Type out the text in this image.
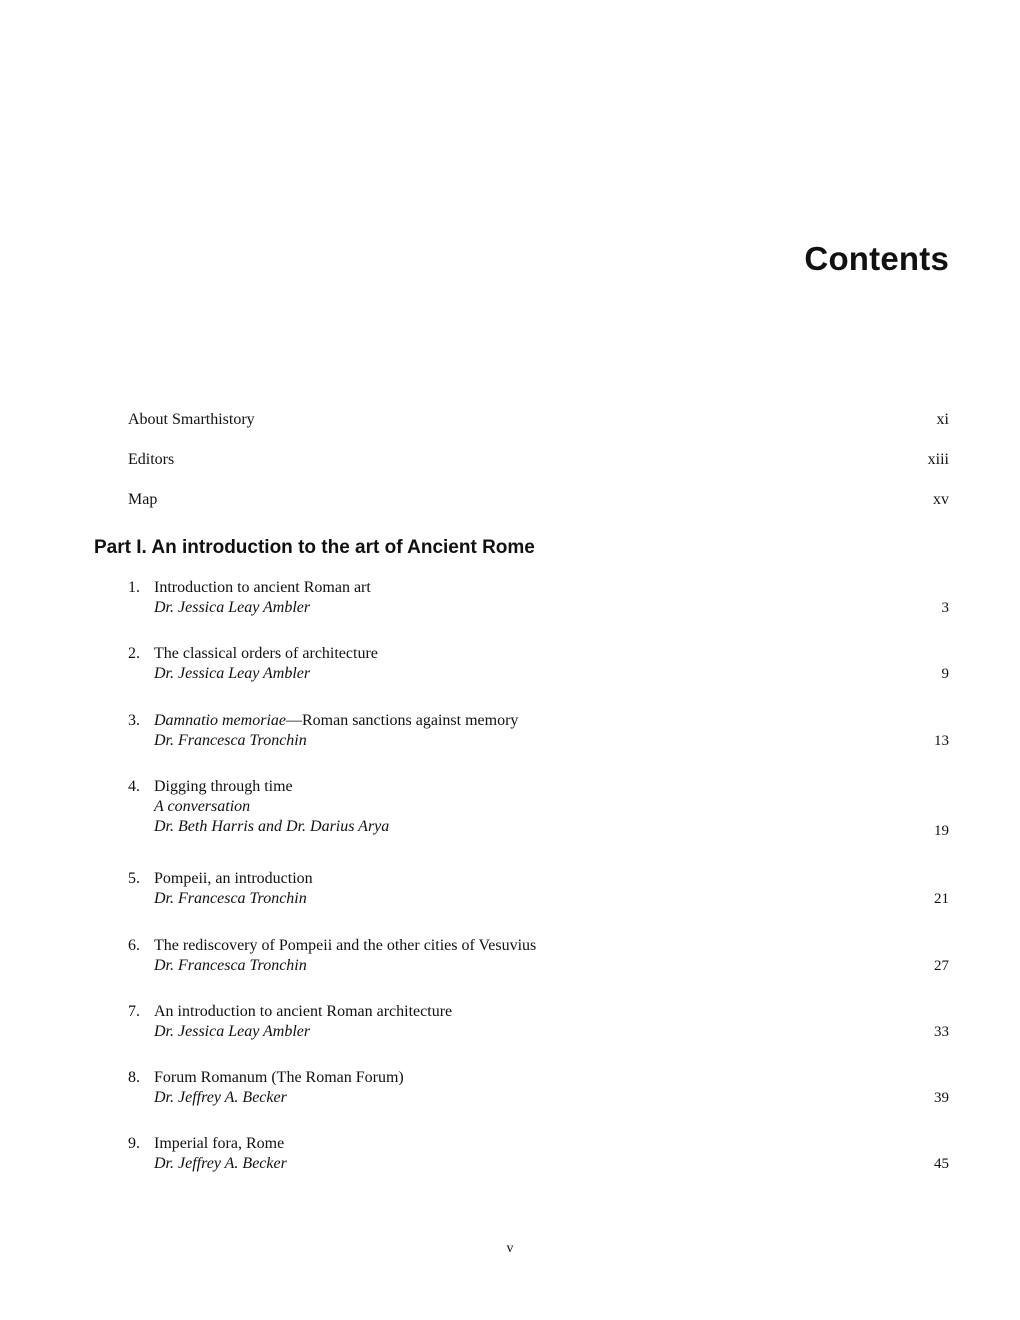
Contents
About Smarthistory	xi
Editors	xiii
Map	xv
Part I. An introduction to the art of Ancient Rome
1. Introduction to ancient Roman art
Dr. Jessica Leay Ambler	3
2. The classical orders of architecture
Dr. Jessica Leay Ambler	9
3. Damnatio memoriae—Roman sanctions against memory
Dr. Francesca Tronchin	13
4. Digging through time
A conversation
Dr. Beth Harris and Dr. Darius Arya	19
5. Pompeii, an introduction
Dr. Francesca Tronchin	21
6. The rediscovery of Pompeii and the other cities of Vesuvius
Dr. Francesca Tronchin	27
7. An introduction to ancient Roman architecture
Dr. Jessica Leay Ambler	33
8. Forum Romanum (The Roman Forum)
Dr. Jeffrey A. Becker	39
9. Imperial fora, Rome
Dr. Jeffrey A. Becker	45
v
